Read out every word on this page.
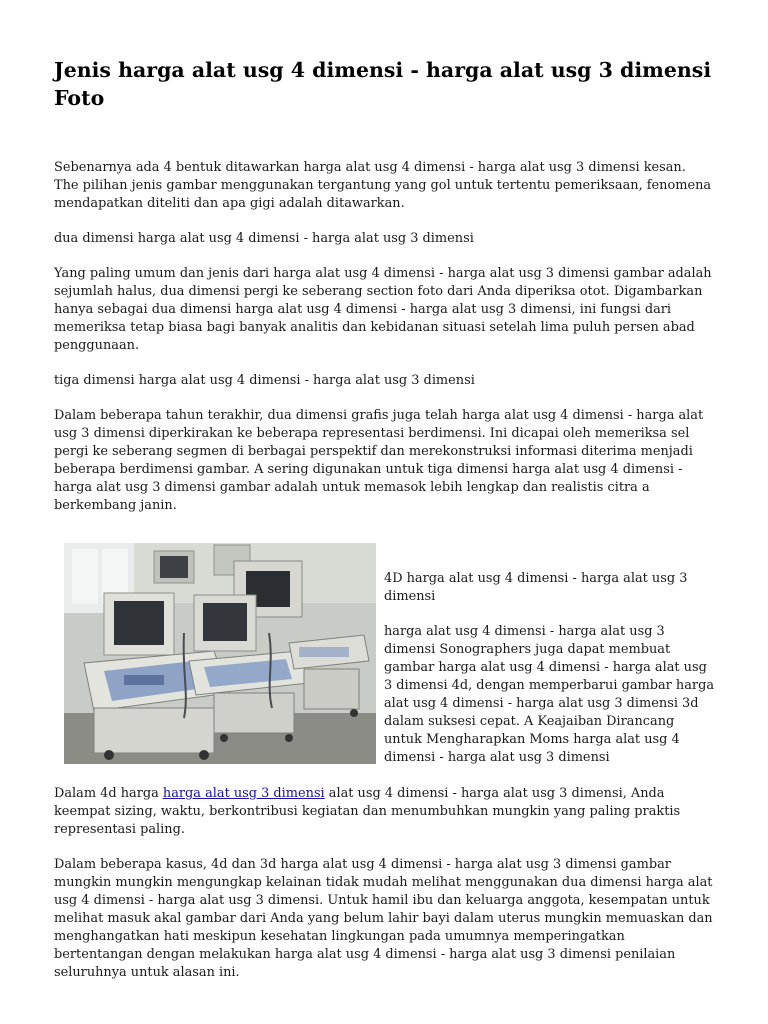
Jenis harga alat usg 4 dimensi - harga alat usg 3 dimensi Foto

Sebenarnya ada 4 bentuk ditawarkan harga alat usg 4 dimensi - harga alat usg 3 dimensi kesan. The pilihan jenis gambar menggunakan tergantung yang gol untuk tertentu pemeriksaan, fenomena mendapatkan diteliti dan apa gigi adalah ditawarkan.

dua dimensi harga alat usg 4 dimensi - harga alat usg 3 dimensi

Yang paling umum dan jenis dari harga alat usg 4 dimensi - harga alat usg 3 dimensi gambar adalah sejumlah halus, dua dimensi pergi ke seberang section foto dari Anda diperiksa otot. Digambarkan hanya sebagai dua dimensi harga alat usg 4 dimensi - harga alat usg 3 dimensi, ini fungsi dari memeriksa tetap biasa bagi banyak analitis dan kebidanan situasi setelah lima puluh persen abad penggunaan.

tiga dimensi harga alat usg 4 dimensi - harga alat usg 3 dimensi

Dalam beberapa tahun terakhir, dua dimensi grafis juga telah harga alat usg 4 dimensi - harga alat usg 3 dimensi diperkirakan ke beberapa representasi berdimensi. Ini dicapai oleh memeriksa sel pergi ke seberang segmen di berbagai perspektif dan merekonstruksi informasi diterima menjadi beberapa berdimensi gambar. A sering digunakan untuk tiga dimensi harga alat usg 4 dimensi - harga alat usg 3 dimensi gambar adalah untuk memasok lebih lengkap dan realistis citra a berkembang janin.

4D harga alat usg 4 dimensi - harga alat usg 3 dimensi

harga alat usg 4 dimensi - harga alat usg 3 dimensi Sonographers juga dapat membuat gambar harga alat usg 4 dimensi - harga alat usg 3 dimensi 4d, dengan memperbarui gambar harga alat usg 4 dimensi - harga alat usg 3 dimensi 3d dalam suksesi cepat. A Keajaiban Dirancang untuk Mengharapkan Moms harga alat usg 4 dimensi - harga alat usg 3 dimensi

Dalam 4d harga harga alat usg 3 dimensi alat usg 4 dimensi - harga alat usg 3 dimensi, Anda keempat sizing, waktu, berkontribusi kegiatan dan menumbuhkan mungkin yang paling praktis representasi paling.

Dalam beberapa kasus, 4d dan 3d harga alat usg 4 dimensi - harga alat usg 3 dimensi gambar mungkin mungkin mengungkap kelainan tidak mudah melihat menggunakan dua dimensi harga alat usg 4 dimensi - harga alat usg 3 dimensi. Untuk hamil ibu dan keluarga anggota, kesempatan untuk melihat masuk akal gambar dari Anda yang belum lahir bayi dalam uterus mungkin memuaskan dan menghangatkan hati meskipun kesehatan lingkungan pada umumnya memperingatkan bertentangan dengan melakukan harga alat usg 4 dimensi - harga alat usg 3 dimensi penilaian seluruhnya untuk alasan ini.
